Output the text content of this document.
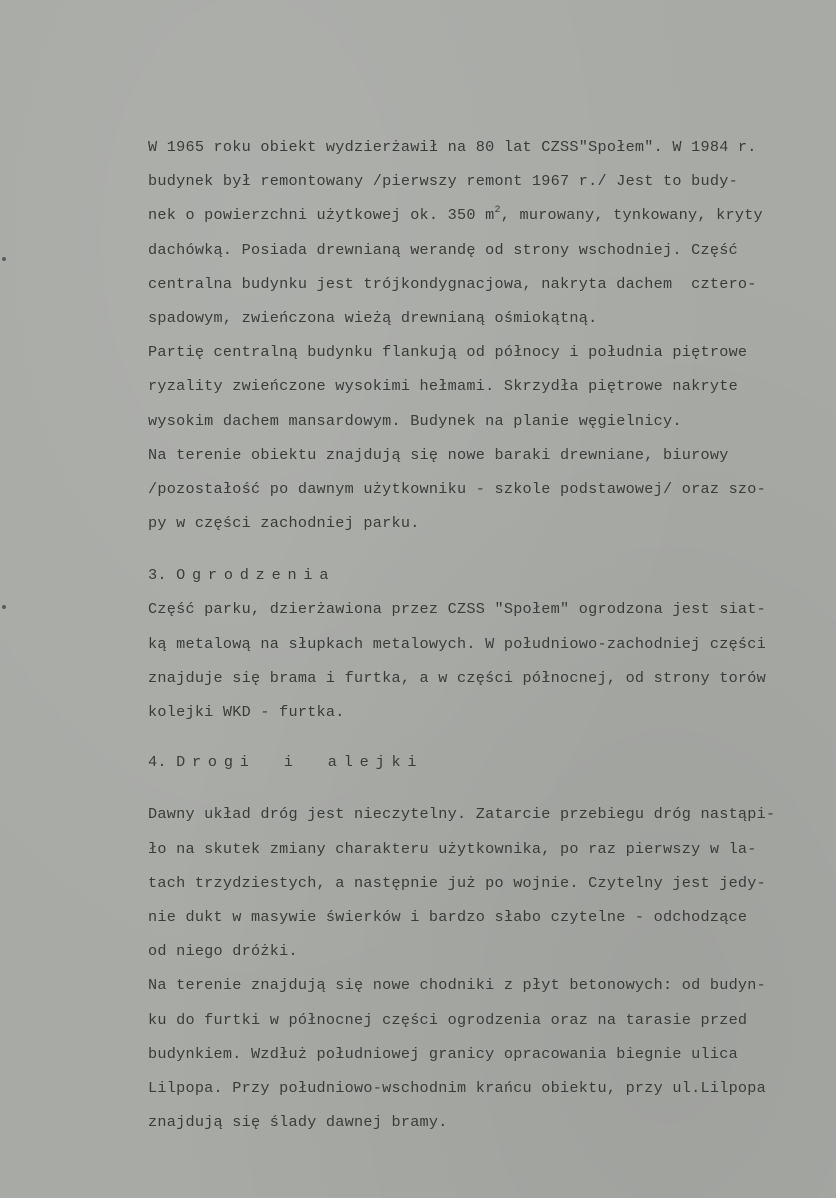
W 1965 roku obiekt wydzierżawił na 80 lat CZSS"Społem". W 1984 r.
budynek był remontowany /pierwszy remont 1967 r./ Jest to budy-
nek o powierzchni użytkowej ok. 350 $m^2$, murowany, tynkowany, kryty
dachówką. Posiada drewnianą werandę od strony wschodniej. Część
centralna budynku jest trójkondygnacjowa, nakryta dachem  cztero-
spadowym, zwieńczona wieżą drewnianą ośmiokątną.
Partię centralną budynku flankują od północy i południa piętrowe
ryzality zwieńczone wysokimi hełmami. Skrzydła piętrowe nakryte
wysokim dachem mansardowym. Budynek na planie węgielnicy.
Na terenie obiektu znajdują się nowe baraki drewniane, biurowy
/pozostałość po dawnym użytkowniku - szkole podstawowej/ oraz szo-
py w części zachodniej parku.
3. Ogrodzenia
Część parku, dzierżawiona przez CZSS "Społem" ogrodzona jest siat-
ką metalową na słupkach metalowych. W południowo-zachodniej części
znajduje się brama i furtka, a w części północnej, od strony torów
kolejki WKD - furtka.
4. Drogi i alejki
Dawny układ dróg jest nieczytelny. Zatarcie przebiegu dróg nastąpi-
ło na skutek zmiany charakteru użytkownika, po raz pierwszy w la-
tach trzydziestych, a następnie już po wojnie. Czytelny jest jedy-
nie dukt w masywie świerków i bardzo słabo czytelne - odchodzące
od niego dróżki.
Na terenie znajdują się nowe chodniki z płyt betonowych: od budyn-
ku do furtki w północnej części ogrodzenia oraz na tarasie przed
budynkiem. Wzdłuż południowej granicy opracowania biegnie ulica
Lilpopa. Przy południowo-wschodnim krańcu obiektu, przy ul.Lilpopa
znajdują się ślady dawnej bramy.
